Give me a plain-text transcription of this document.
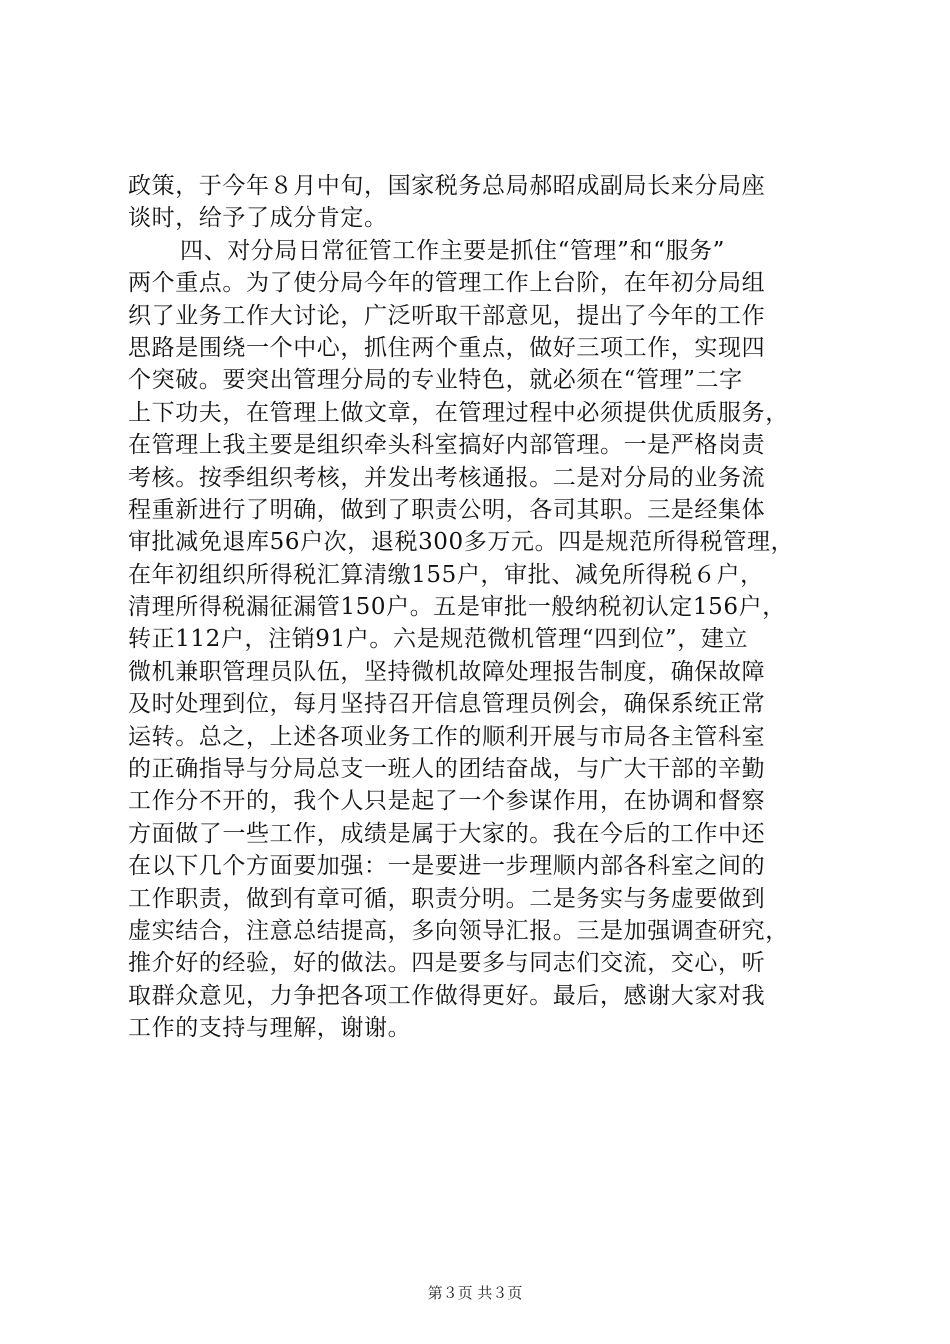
政策，于今年８月中旬，国家税务总局郝昭成副局长来分局座
谈时，给予了成分肯定。
四、对分局日常征管工作主要是抓住“管理”和“服务”
两个重点。为了使分局今年的管理工作上台阶，在年初分局组
织了业务工作大讨论，广泛听取干部意见，提出了今年的工作
思路是围绕一个中心，抓住两个重点，做好三项工作，实现四
个突破。要突出管理分局的专业特色，就必须在“管理”二字
上下功夫，在管理上做文章，在管理过程中必须提供优质服务，
在管理上我主要是组织牵头科室搞好内部管理。一是严格岗责
考核。按季组织考核，并发出考核通报。二是对分局的业务流
程重新进行了明确，做到了职责公明，各司其职。三是经集体
审批减免退库56户次，退税300多万元。四是规范所得税管理，
在年初组织所得税汇算清缴155户，审批、减免所得税６户，
清理所得税漏征漏管150户。五是审批一般纳税初认定156户，
转正112户，注销91户。六是规范微机管理“四到位”，建立
微机兼职管理员队伍，坚持微机故障处理报告制度，确保故障
及时处理到位，每月坚持召开信息管理员例会，确保系统正常
运转。总之，上述各项业务工作的顺利开展与市局各主管科室
的正确指导与分局总支一班人的团结奋战，与广大干部的辛勤
工作分不开的，我个人只是起了一个参谋作用，在协调和督察
方面做了一些工作，成绩是属于大家的。我在今后的工作中还
在以下几个方面要加强：一是要进一步理顺内部各科室之间的
工作职责，做到有章可循，职责分明。二是务实与务虚要做到
虚实结合，注意总结提高，多向领导汇报。三是加强调查研究，
推介好的经验，好的做法。四是要多与同志们交流，交心，听
取群众意见，力争把各项工作做得更好。最后，感谢大家对我
工作的支持与理解，谢谢。
第３页 共３页
